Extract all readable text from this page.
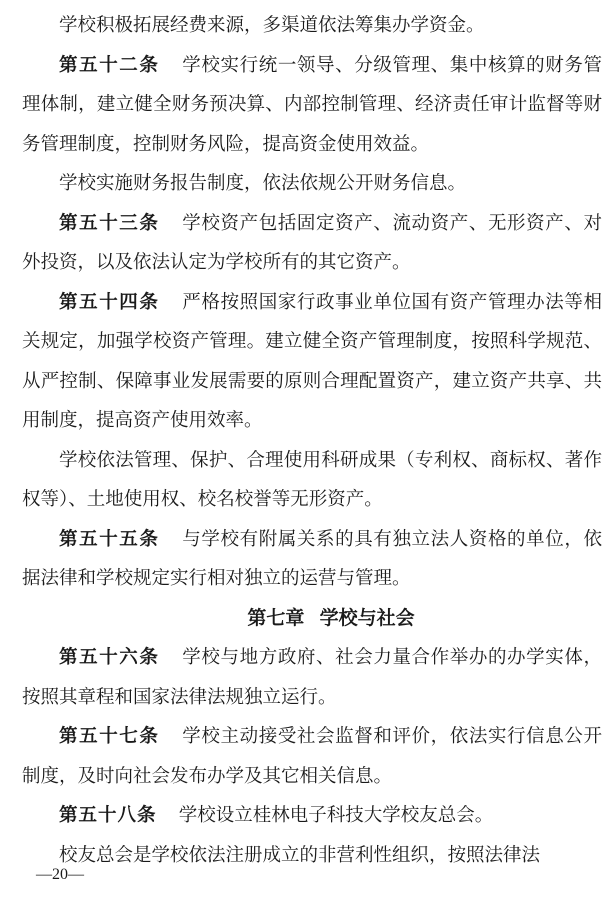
学校积极拓展经费来源，多渠道依法筹集办学资金。

第五十二条 学校实行统一领导、分级管理、集中核算的财务管理体制，建立健全财务预决算、内部控制管理、经济责任审计监督等财务管理制度，控制财务风险，提高资金使用效益。

学校实施财务报告制度，依法依规公开财务信息。

第五十三条 学校资产包括固定资产、流动资产、无形资产、对外投资，以及依法认定为学校所有的其它资产。

第五十四条 严格按照国家行政事业单位国有资产管理办法等相关规定，加强学校资产管理。建立健全资产管理制度，按照科学规范、从严控制、保障事业发展需要的原则合理配置资产，建立资产共享、共用制度，提高资产使用效率。

学校依法管理、保护、合理使用科研成果（专利权、商标权、著作权等）、土地使用权、校名校誉等无形资产。

第五十五条 与学校有附属关系的具有独立法人资格的单位，依据法律和学校规定实行相对独立的运营与管理。

第七章 学校与社会

第五十六条 学校与地方政府、社会力量合作举办的办学实体，按照其章程和国家法律法规独立运行。

第五十七条 学校主动接受社会监督和评价，依法实行信息公开制度，及时向社会发布办学及其它相关信息。

第五十八条 学校设立桂林电子科技大学校友总会。

校友总会是学校依法注册成立的非营利性组织，按照法律法

—20—
